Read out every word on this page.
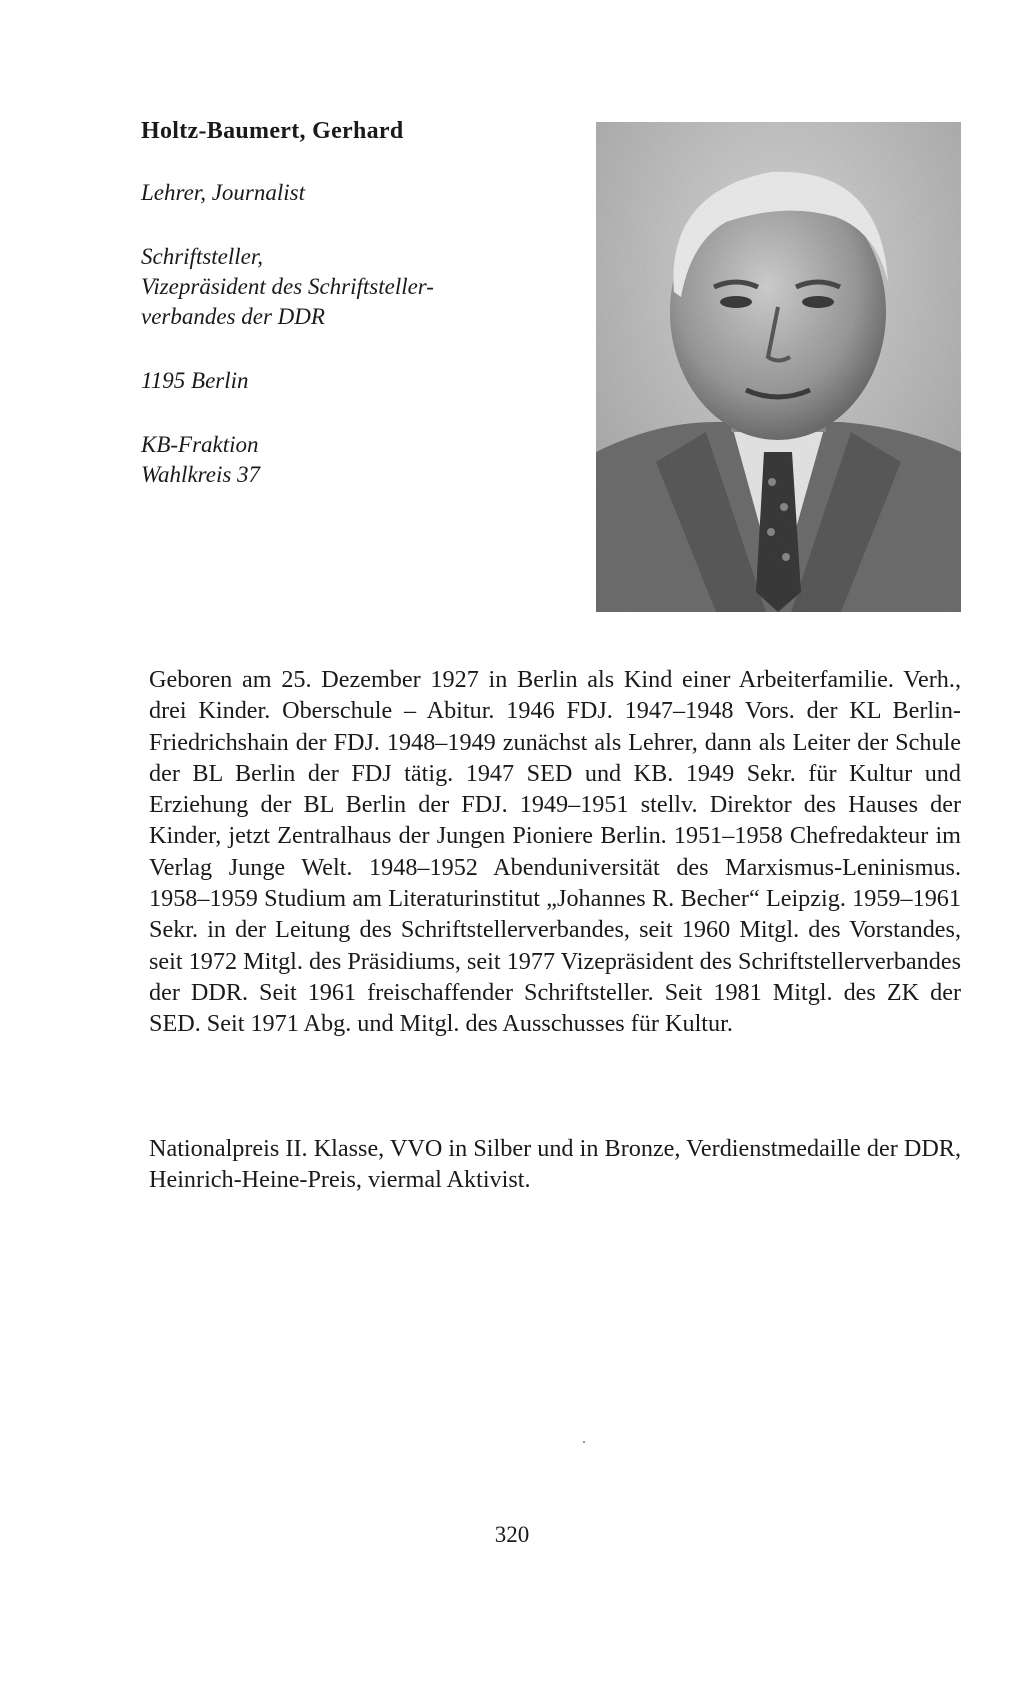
Holtz-Baumert, Gerhard

Lehrer, Journalist

Schriftsteller,

Vizepräsident des Schriftsteller-

verbandes der DDR

1195 Berlin

KB-Fraktion

Wahlkreis 37

Geboren am 25. Dezember 1927 in Berlin als Kind einer Arbeiterfamilie. Verh., drei Kinder. Oberschule – Abitur. 1946 FDJ. 1947–1948 Vors. der KL Berlin-Friedrichshain der FDJ. 1948–1949 zunächst als Lehrer, dann als Leiter der Schule der BL Berlin der FDJ tätig. 1947 SED und KB. 1949 Sekr. für Kultur und Erziehung der BL Berlin der FDJ. 1949–1951 stellv. Direktor des Hauses der Kinder, jetzt Zentralhaus der Jungen Pioniere Berlin. 1951–1958 Chefredakteur im Verlag Junge Welt. 1948–1952 Abenduniversität des Marxismus-Leninismus. 1958–1959 Studium am Literaturinstitut „Johannes R. Becher“ Leipzig. 1959–1961 Sekr. in der Leitung des Schriftstellerverbandes, seit 1960 Mitgl. des Vorstandes, seit 1972 Mitgl. des Präsidiums, seit 1977 Vizepräsident des Schriftstellerverbandes der DDR. Seit 1961 freischaffender Schriftsteller. Seit 1981 Mitgl. des ZK der SED. Seit 1971 Abg. und Mitgl. des Ausschusses für Kultur.

Nationalpreis II. Klasse, VVO in Silber und in Bronze, Verdienstmedaille der DDR, Heinrich-Heine-Preis, viermal Aktivist.

320
